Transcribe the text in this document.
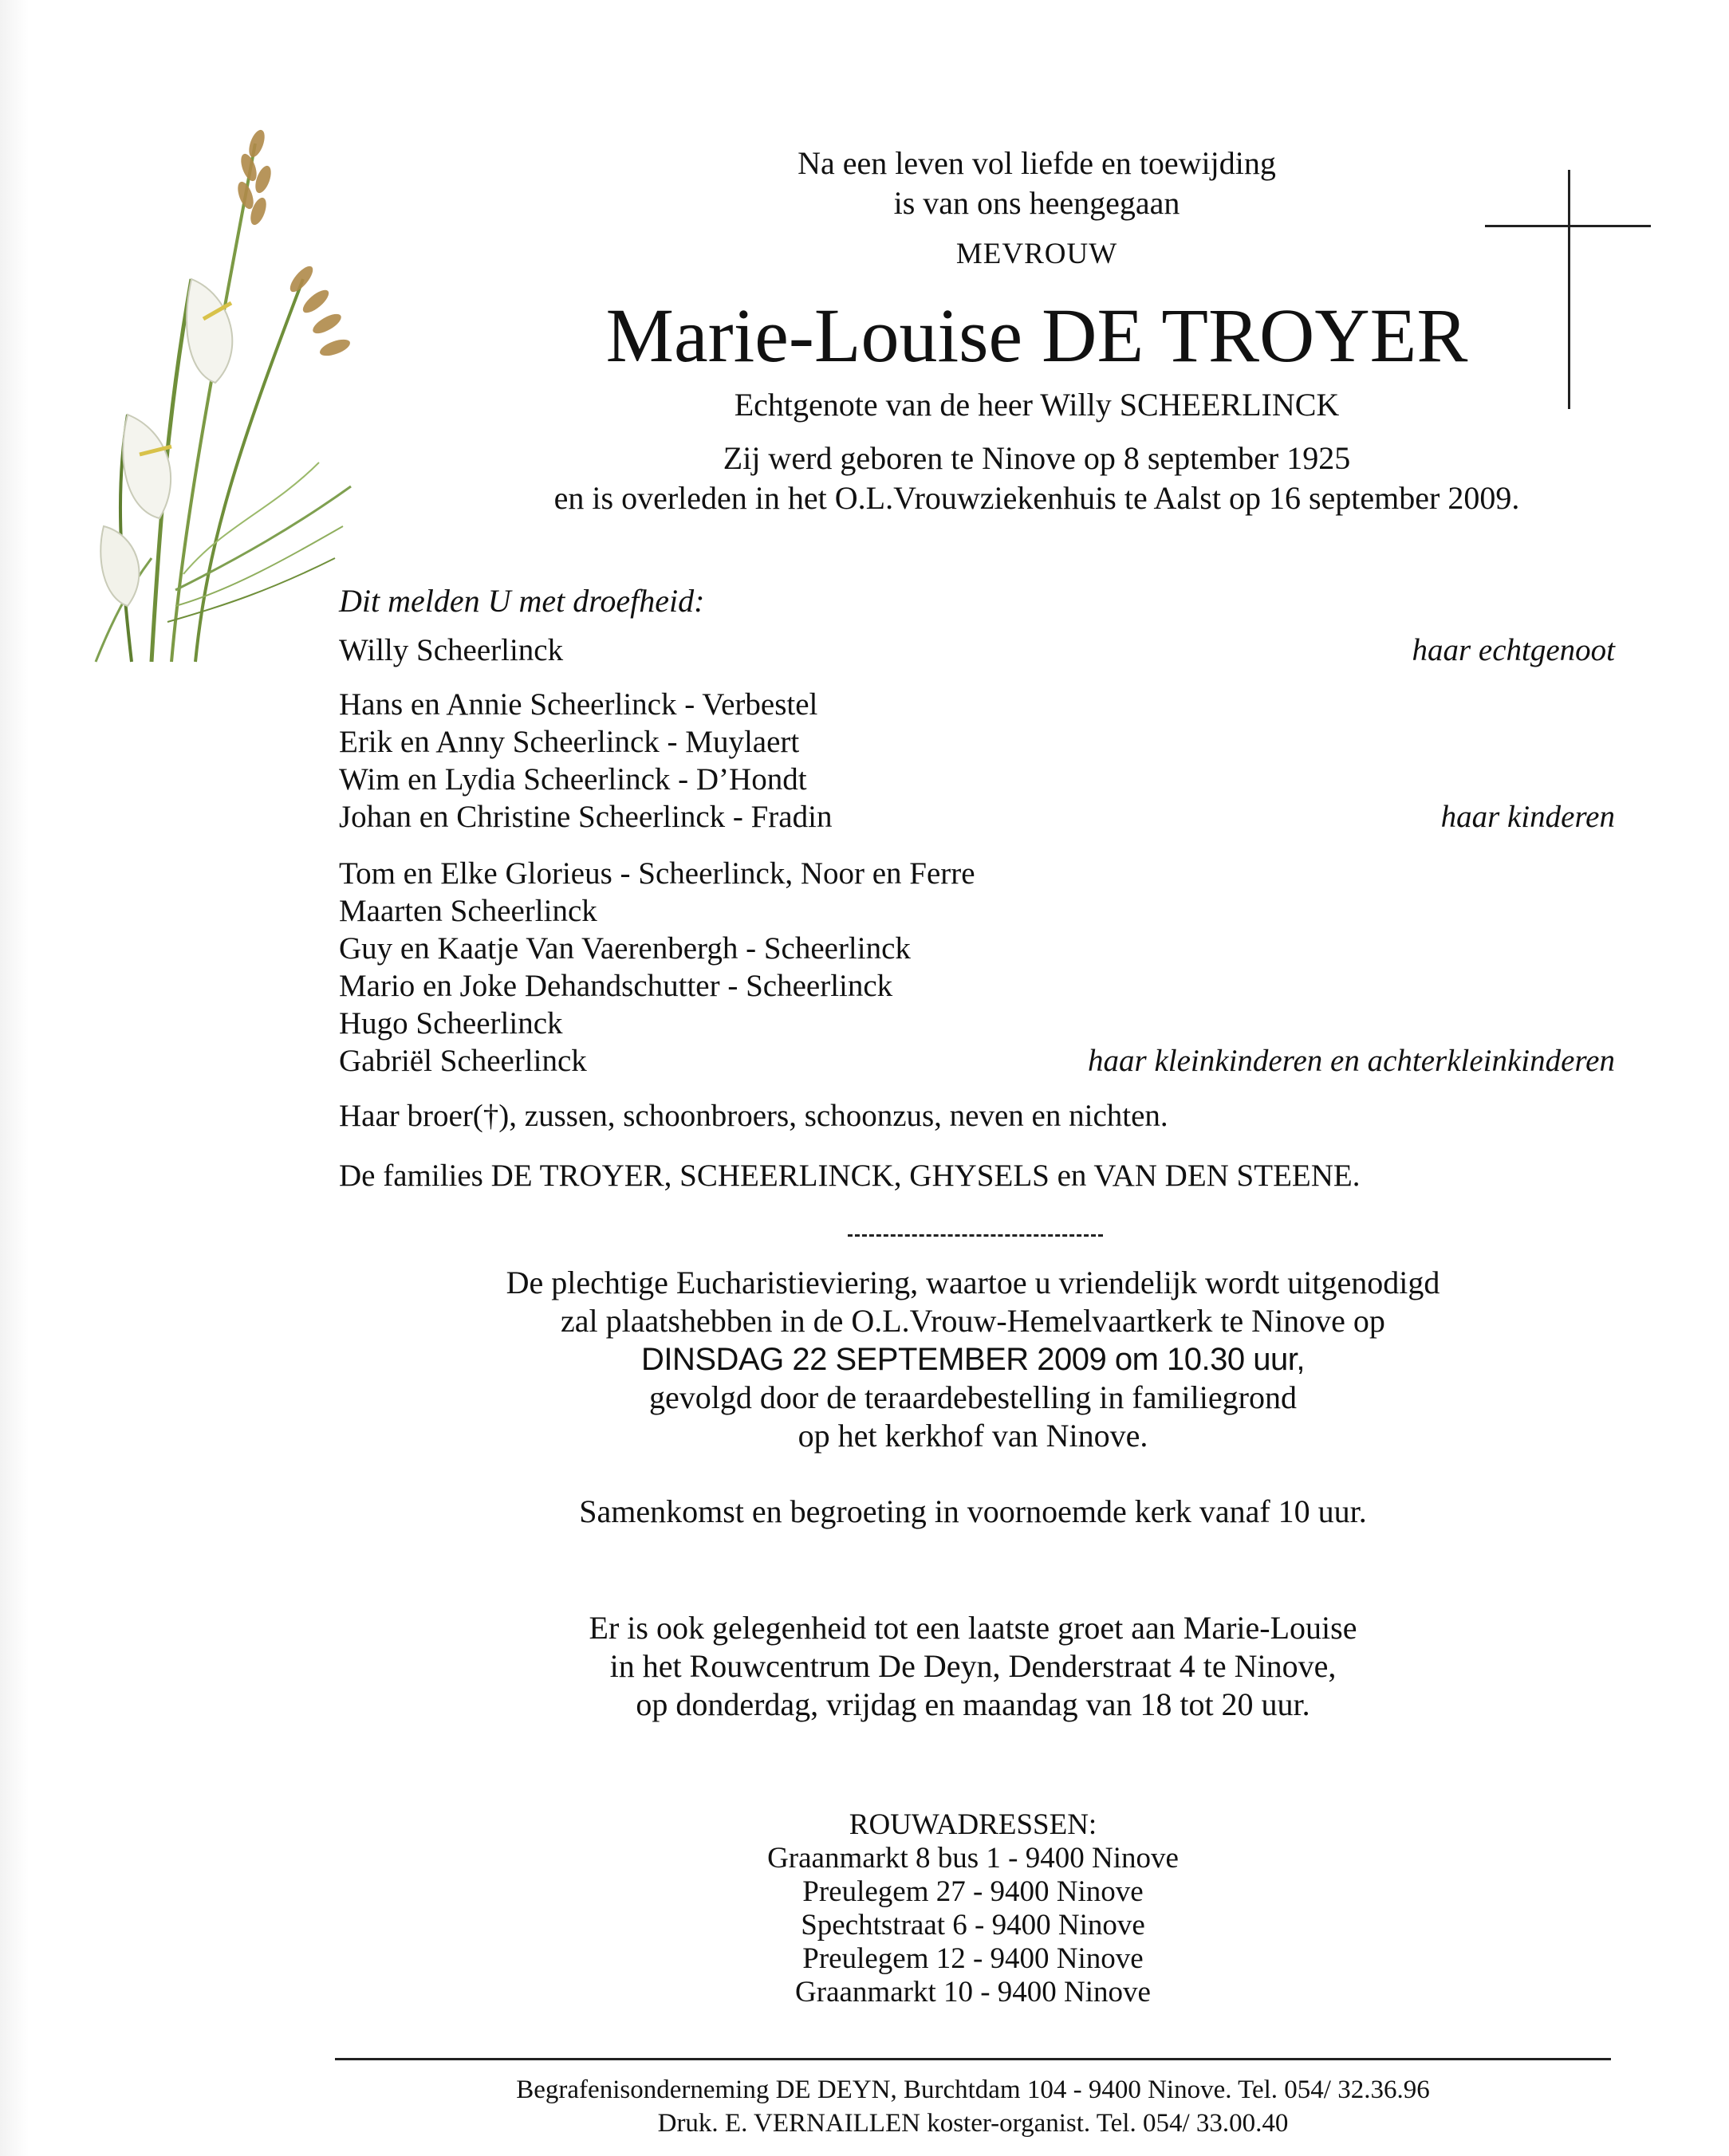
Na een leven vol liefde en toewijding
is van ons heengegaan
MEVROUW
Marie-Louise DE TROYER
Echtgenote van de heer Willy SCHEERLINCK
Zij werd geboren te Ninove op 8 september 1925
en is overleden in het O.L.Vrouwziekenhuis te Aalst op 16 september 2009.
Dit melden U met droefheid:
Willy Scheerlinck	haar echtgenoot
Hans en Annie Scheerlinck - Verbestel
Erik en Anny Scheerlinck - Muylaert
Wim en Lydia Scheerlinck - D’Hondt
Johan en Christine Scheerlinck - Fradin	haar kinderen
Tom en Elke Glorieus - Scheerlinck, Noor en Ferre
Maarten Scheerlinck
Guy en Kaatje Van Vaerenbergh - Scheerlinck
Mario en Joke Dehandschutter - Scheerlinck
Hugo Scheerlinck
Gabriël Scheerlinck	haar kleinkinderen en achterkleinkinderen
Haar broer(†), zussen, schoonbroers, schoonzus, neven en nichten.
De families DE TROYER, SCHEERLINCK, GHYSELS en VAN DEN STEENE.
De plechtige Eucharistieviering, waartoe u vriendelijk wordt uitgenodigd
zal plaatshebben in de O.L.Vrouw-Hemelvaartkerk te Ninove op
DINSDAG 22 SEPTEMBER 2009 om 10.30 uur,
gevolgd door de teraardebestelling in familiegrond
op het kerkhof van Ninove.
Samenkomst en begroeting in voornoemde kerk vanaf 10 uur.
Er is ook gelegenheid tot een laatste groet aan Marie-Louise
in het Rouwcentrum De Deyn, Denderstraat 4 te Ninove,
op donderdag, vrijdag en maandag van 18 tot 20 uur.
ROUWADRESSEN:
Graanmarkt 8 bus 1 - 9400 Ninove
Preulegem 27 - 9400 Ninove
Spechtstraat 6 - 9400 Ninove
Preulegem 12 - 9400 Ninove
Graanmarkt 10 - 9400 Ninove
Begrafenisonderneming DE DEYN, Burchtdam 104 - 9400 Ninove. Tel. 054/ 32.36.96
Druk. E. VERNAILLEN koster-organist. Tel. 054/ 33.00.40
